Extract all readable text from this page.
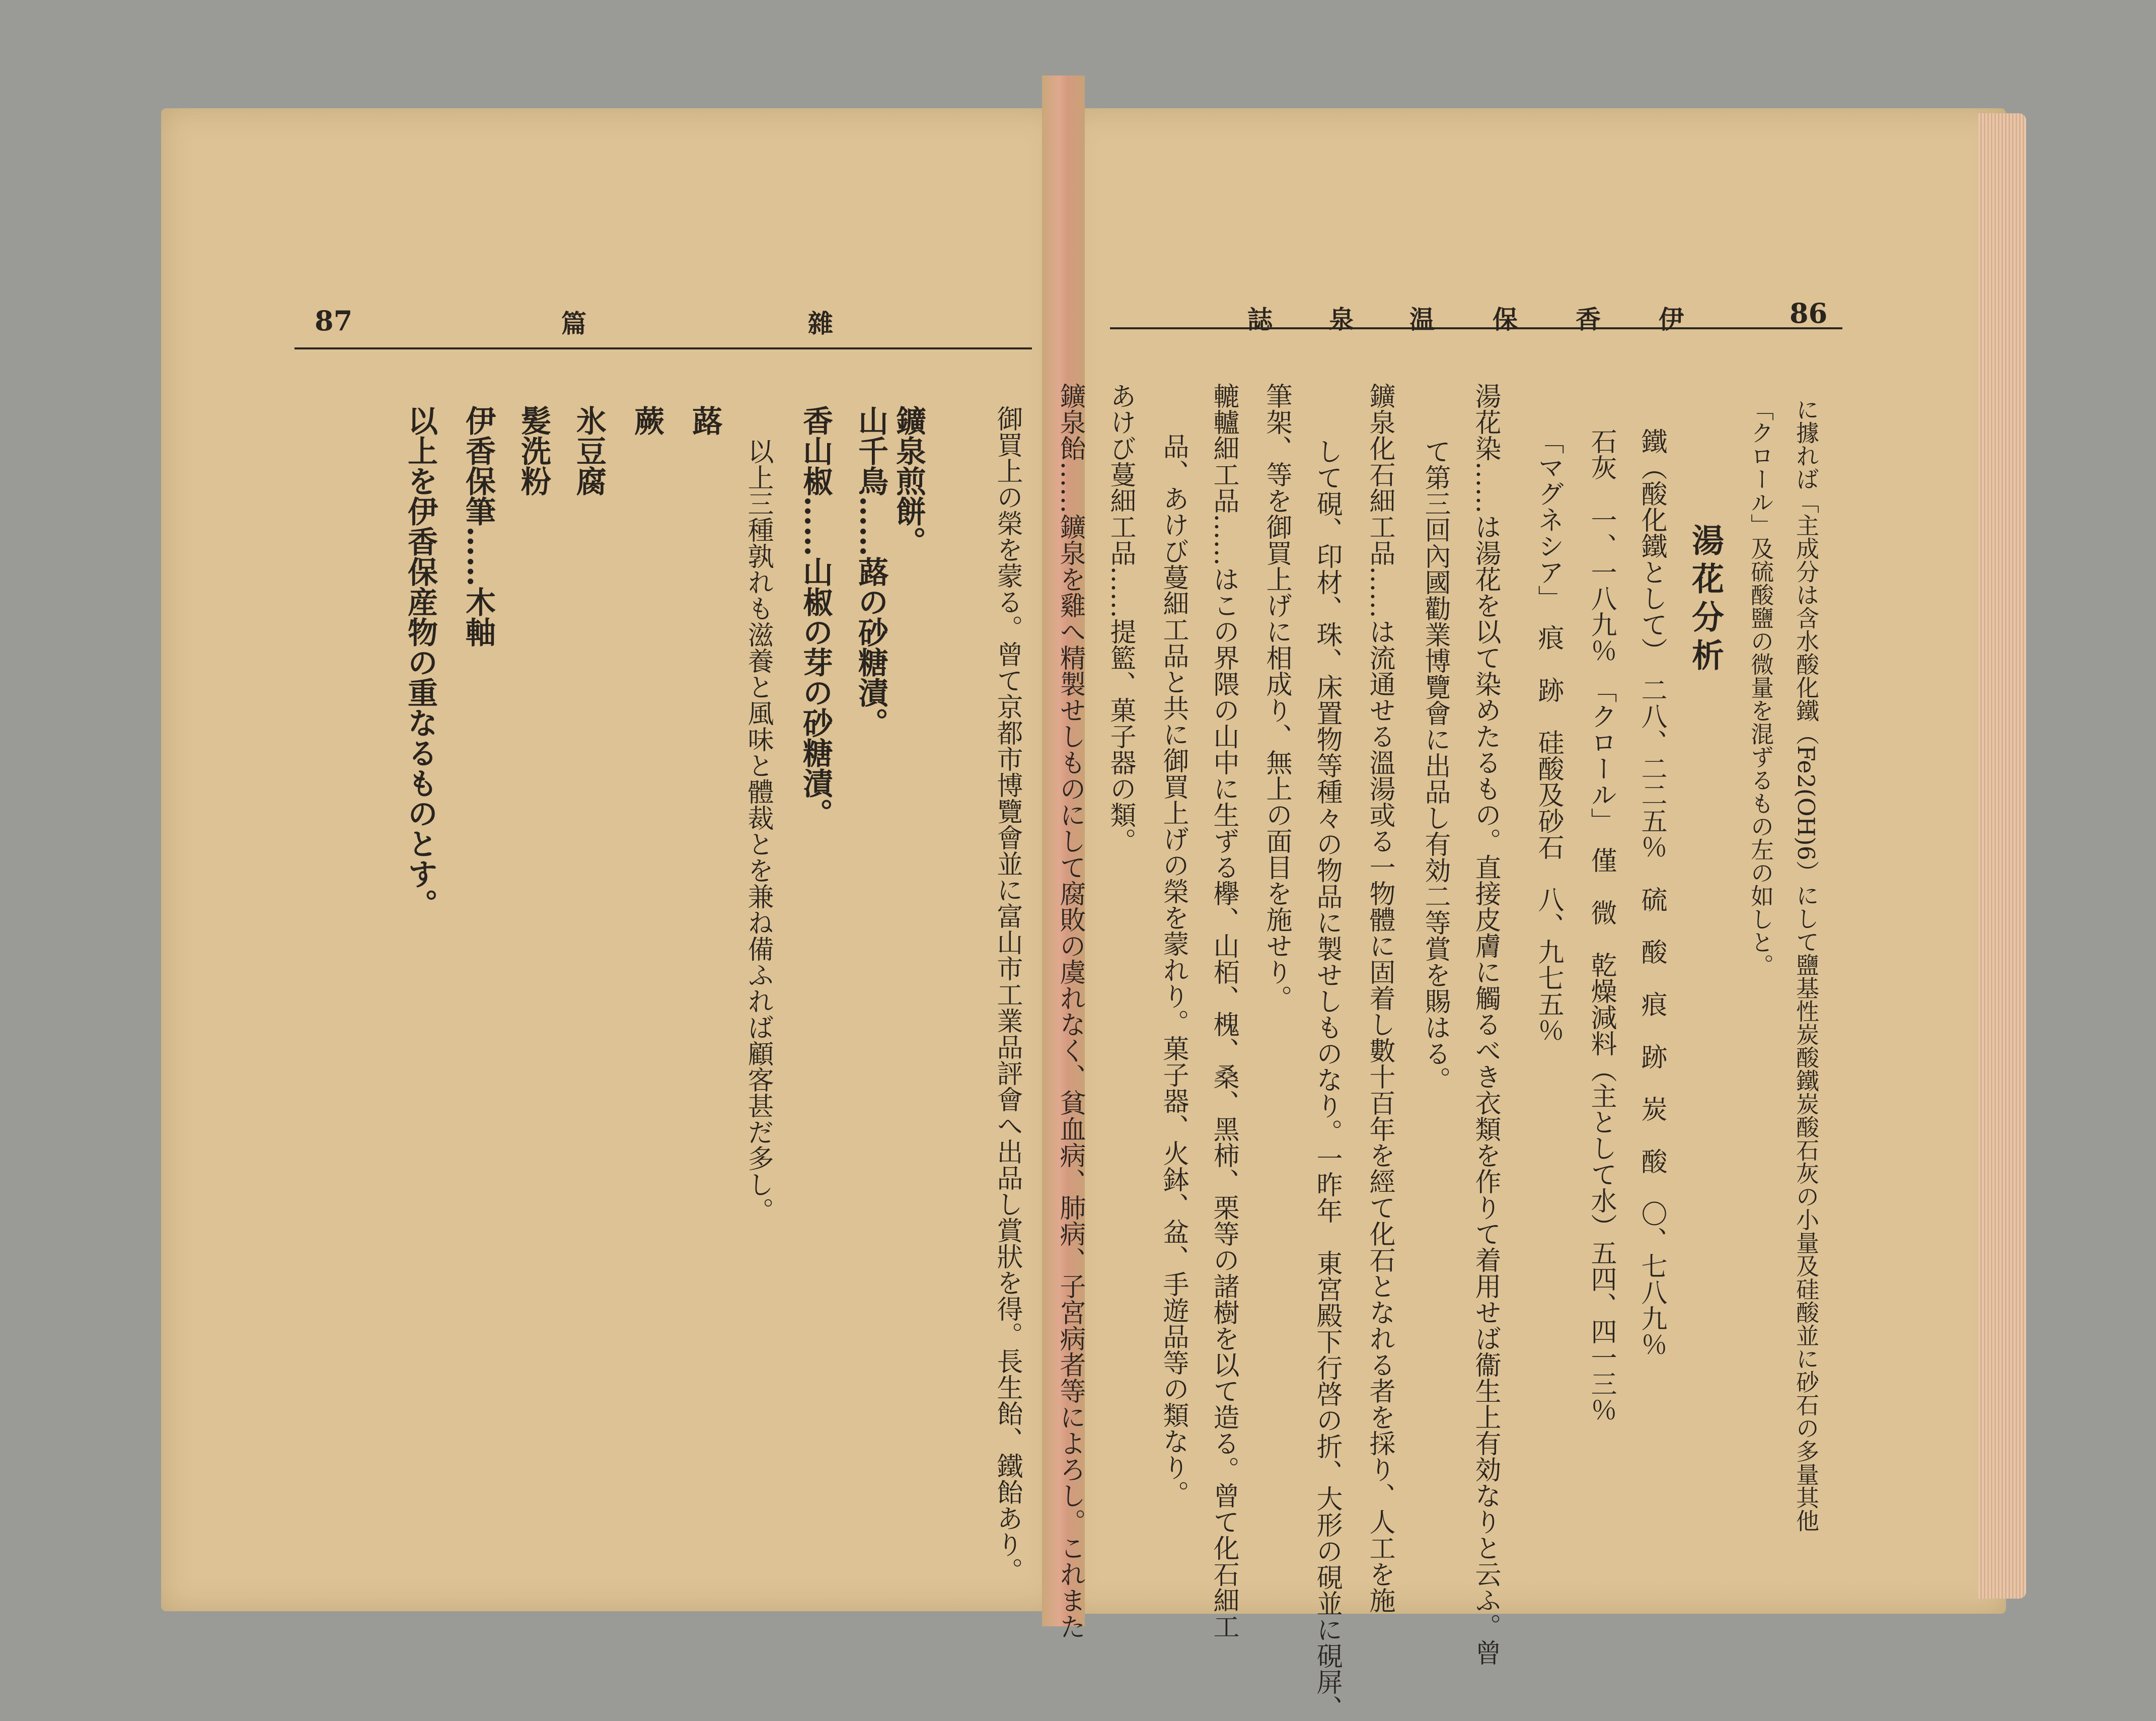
87	篇	雜
御買上の榮を蒙る。曾て京都市博覽會並に富山市工業品評會へ出品し賞狀を得。長生飴、鐵飴あり。
鑛泉煎餅。
山千鳥……蕗の砂糖漬。
香山椒……山椒の芽の砂糖漬。
以上三種孰れも滋養と風味と體裁とを兼ね備ふれば顧客甚だ多し。
蕗
蕨
氷豆腐
髪洗粉
伊香保筆……木軸
以上を伊香保産物の重なるものとす。
伊
香
保
温
泉
誌	86
に據れば「主成分は含水酸化鐵（Fe2(OH)6）にして鹽基性炭酸鐵炭酸石灰の小量及硅酸並に砂石の多量其他
「クロール」及硫酸鹽の微量を混ずるもの左の如しと。
湯花分析
鐵（酸化鐵として）　二八、二二五％　硫　酸　痕　跡　炭　酸　〇、七八九％
石灰　一、一八九％　「クロール」　僅　微　乾燥減料（主として水）五四、四一三％
「マグネシア」　痕　跡　硅酸及砂石　八、九七五％
湯花染……は湯花を以て染めたるもの。直接皮膚に觸るべき衣類を作りて着用せば衞生上有効なりと云ふ。曾
て第三回內國勸業博覽會に出品し有効二等賞を賜はる。
鑛泉化石細工品……は流通せる溫湯或る一物體に固着し數十百年を經て化石となれる者を採り、人工を施
して硯、印材、珠、床置物等種々の物品に製せしものなり。一昨年　東宮殿下行啓の折、大形の硯並に硯屏、
筆架、等を御買上げに相成り、無上の面目を施せり。
轆轤細工品……はこの界隈の山中に生ずる欅、山栢、槐、桑、黑柿、栗等の諸樹を以て造る。曾て化石細工
品、あけび蔓細工品と共に御買上げの榮を蒙れり。菓子器、火鉢、盆、手遊品等の類なり。
あけび蔓細工品……提籃、菓子器の類。
鑛泉飴……鑛泉を雞へ精製せしものにして腐敗の虞れなく、貧血病、肺病、子宮病者等によろし。これまた
